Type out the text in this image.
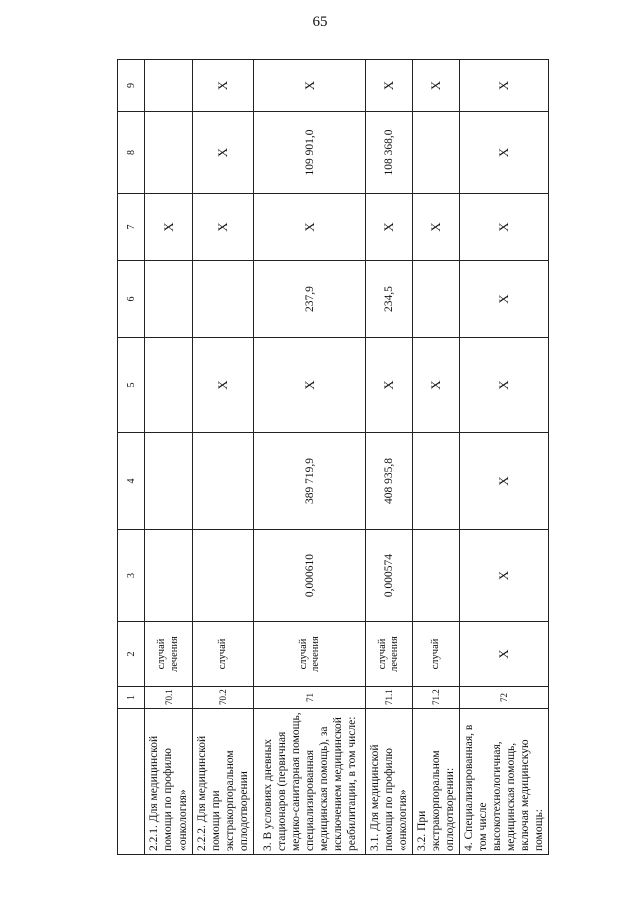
65
	1	2	3	4	5	6	7	8	9
2.2.1. Для медицинской помощи по профилю «онкология»	70.1	случай лечения					X		
2.2.2. Для медицинской помощи при экстракорпоральном оплодотворении	70.2	случай			X		X	X	X
3. В условиях дневных стационаров (первичная медико-санитарная помощь, специализированная медицинская помощь), за исключением медицинской реабилитации, в том числе:	71	случай лечения	0,000610	389 719,9	X	237,9	X	109 901,0	X
3.1. Для медицинской помощи по профилю «онкология»	71.1	случай лечения	0,000574	408 935,8	X	234,5	X	108 368,0	X
3.2. При экстракорпоральном оплодотворении:	71.2	случай			X		X		X
4. Специализированная, в том числе высокотехнологичная, медицинская помощь, включая медицинскую помощь:	72	X	X	X	X	X	X	X	X
